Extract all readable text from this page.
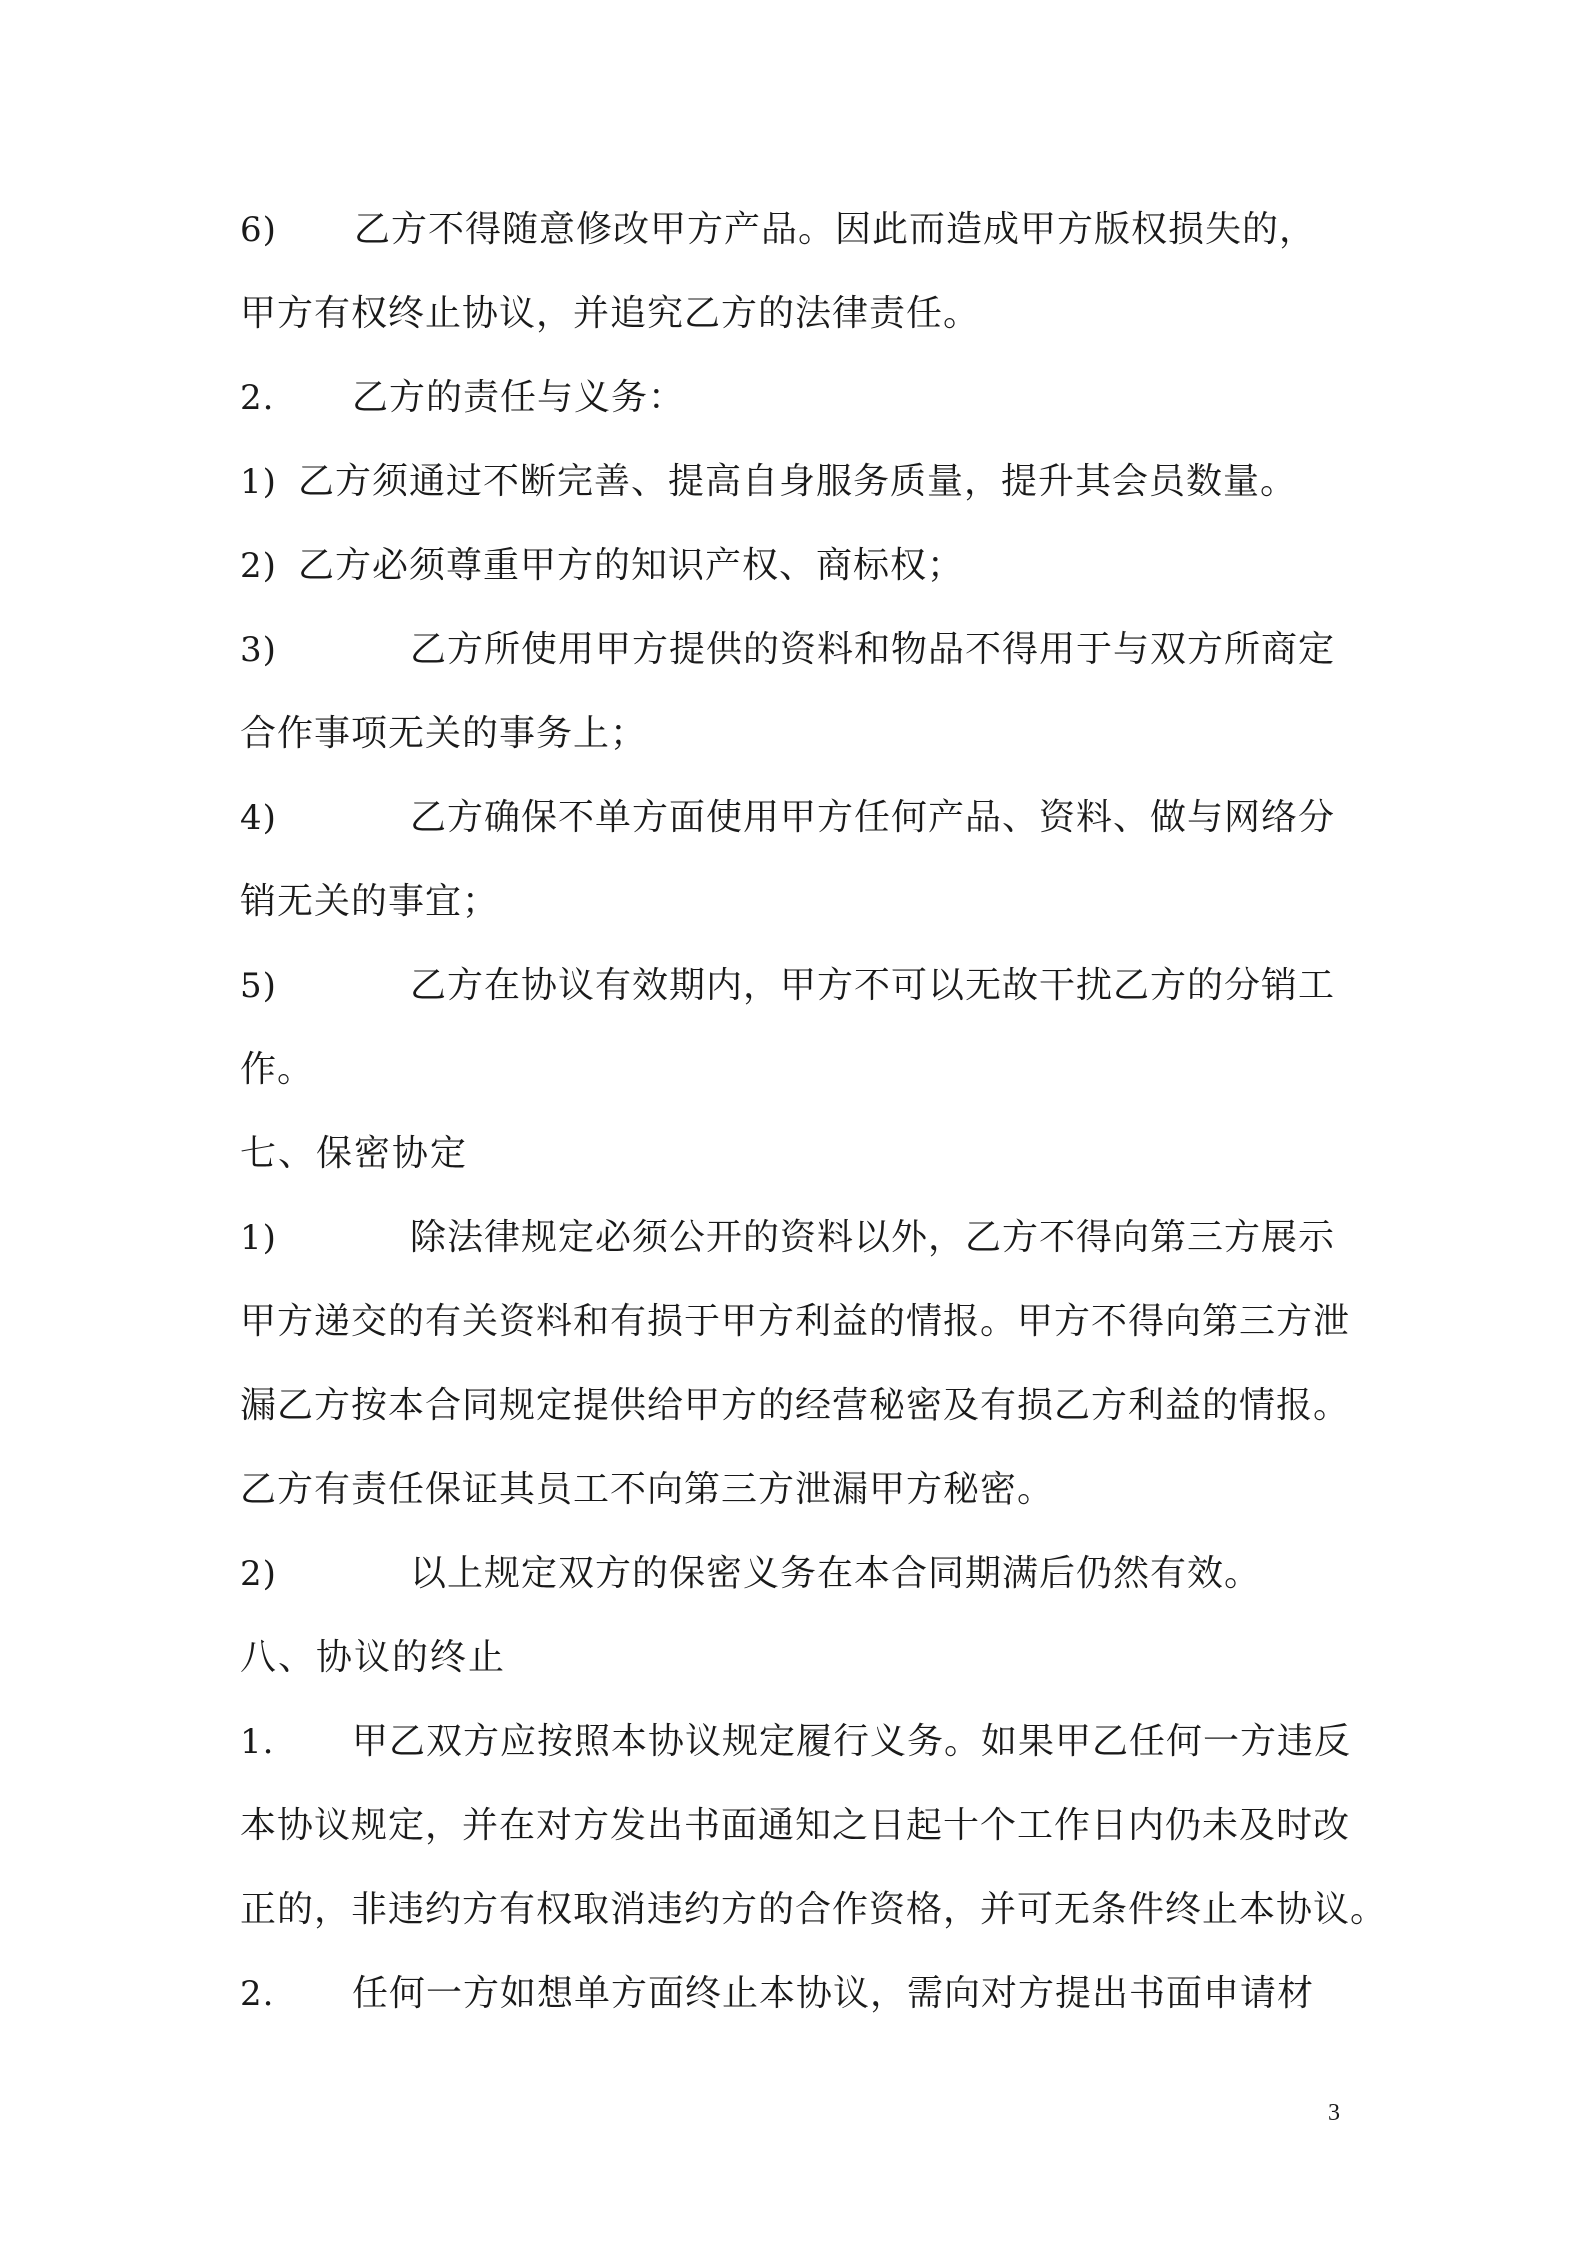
6) 乙方不得随意修改甲方产品。因此而造成甲方版权损失的，
甲方有权终止协议，并追究乙方的法律责任。
2. 乙方的责任与义务：
1) 乙方须通过不断完善、提高自身服务质量，提升其会员数量。
2) 乙方必须尊重甲方的知识产权、商标权；
3)	乙方所使用甲方提供的资料和物品不得用于与双方所商定
合作事项无关的事务上；
4)	乙方确保不单方面使用甲方任何产品、资料、做与网络分
销无关的事宜；
5)	乙方在协议有效期内，甲方不可以无故干扰乙方的分销工
作。
七、保密协定
1)	除法律规定必须公开的资料以外，乙方不得向第三方展示
甲方递交的有关资料和有损于甲方利益的情报。甲方不得向第三方泄
漏乙方按本合同规定提供给甲方的经营秘密及有损乙方利益的情报。
乙方有责任保证其员工不向第三方泄漏甲方秘密。
2)	以上规定双方的保密义务在本合同期满后仍然有效。
八、协议的终止
1. 甲乙双方应按照本协议规定履行义务。如果甲乙任何一方违反
本协议规定，并在对方发出书面通知之日起十个工作日内仍未及时改
正的，非违约方有权取消违约方的合作资格，并可无条件终止本协议。
2. 任何一方如想单方面终止本协议，需向对方提出书面申请材
3
